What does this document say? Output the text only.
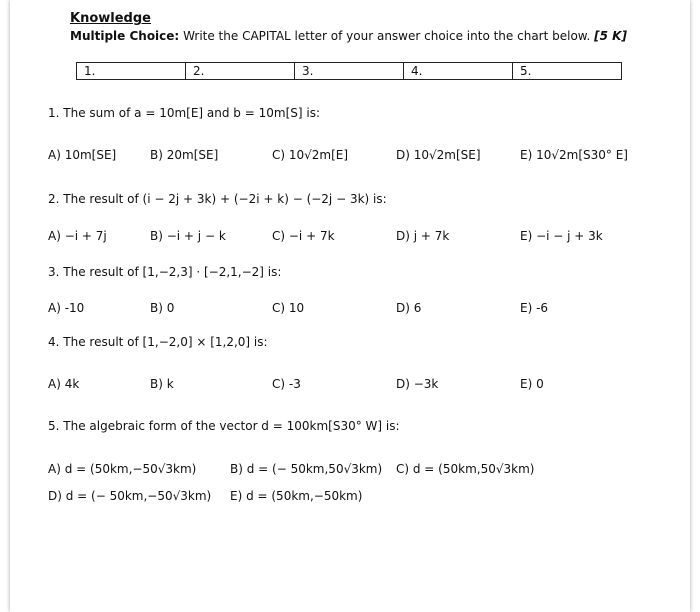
Knowledge
Multiple Choice: Write the CAPITAL letter of your answer choice into the chart below. [5 K]
1.	2.	3.	4.	5.
1. The sum of a = 10m[E] and b = 10m[S] is:
A) 10m[SE]	B) 20m[SE]	C) 10√2m[E]	D) 10√2m[SE]	E) 10√2m[S30° E]
2. The result of (i − 2j + 3k) + (−2i + k) − (−2j − 3k) is:
A) −i + 7j	B) −i + j − k	C) −i + 7k	D) j + 7k	E) −i − j + 3k
3. The result of [1,−2,3] · [−2,1,−2] is:
A) -10	B) 0	C) 10	D) 6	E) -6
4. The result of [1,−2,0] × [1,2,0] is:
A) 4k	B) k	C) -3	D) −3k	E) 0
5. The algebraic form of the vector d = 100km[S30° W] is:
A) d = (50km,−50√3km)	B) d = (− 50km,50√3km) C) d = (50km,50√3km)
D) d = (− 50km,−50√3km) E) d = (50km,−50km)
